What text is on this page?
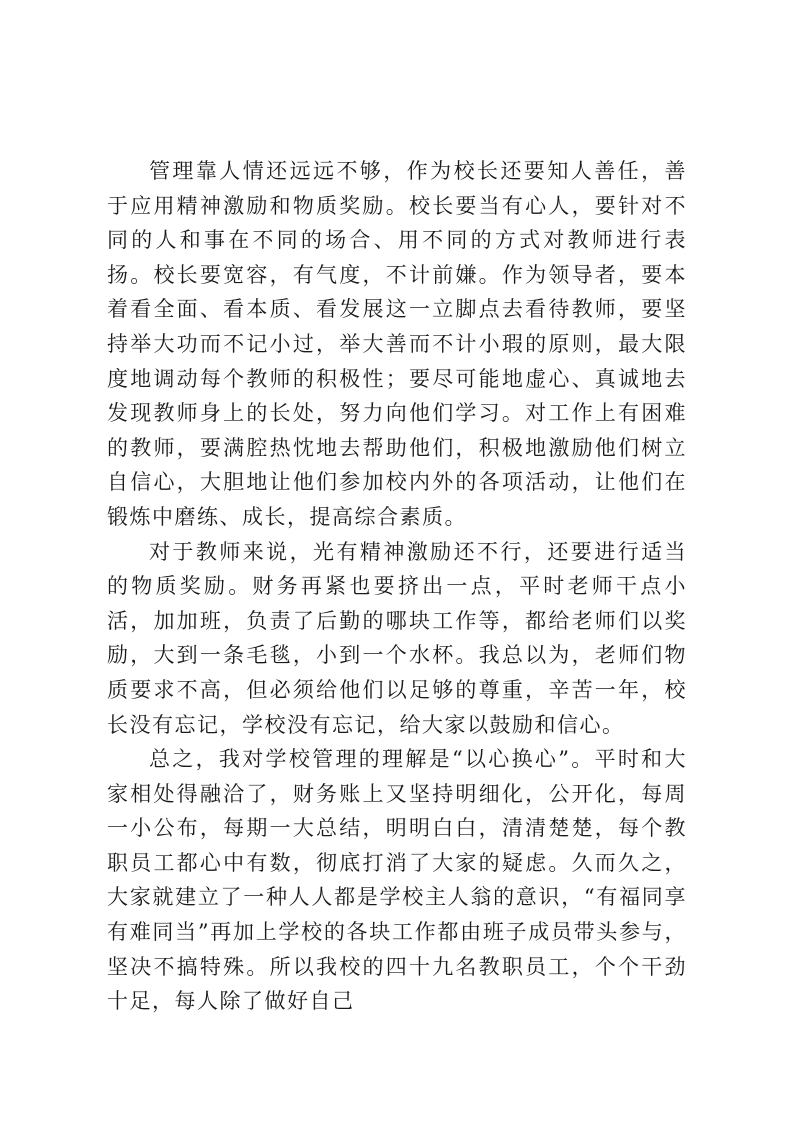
管理靠人情还远远不够，作为校长还要知人善任，善于应用精神激励和物质奖励。校长要当有心人，要针对不同的人和事在不同的场合、用不同的方式对教师进行表扬。校长要宽容，有气度，不计前嫌。作为领导者，要本着看全面、看本质、看发展这一立脚点去看待教师，要坚持举大功而不记小过，举大善而不计小瑕的原则，最大限度地调动每个教师的积极性；要尽可能地虚心、真诚地去发现教师身上的长处，努力向他们学习。对工作上有困难的教师，要满腔热忱地去帮助他们，积极地激励他们树立自信心，大胆地让他们参加校内外的各项活动，让他们在锻炼中磨练、成长，提高综合素质。

对于教师来说，光有精神激励还不行，还要进行适当的物质奖励。财务再紧也要挤出一点，平时老师干点小活，加加班，负责了后勤的哪块工作等，都给老师们以奖励，大到一条毛毯，小到一个水杯。我总以为，老师们物质要求不高，但必须给他们以足够的尊重，辛苦一年，校长没有忘记，学校没有忘记，给大家以鼓励和信心。

总之，我对学校管理的理解是“以心换心”。平时和大家相处得融洽了，财务账上又坚持明细化，公开化，每周一小公布，每期一大总结，明明白白，清清楚楚，每个教职员工都心中有数，彻底打消了大家的疑虑。久而久之，大家就建立了一种人人都是学校主人翁的意识，“有福同享有难同当”再加上学校的各块工作都由班子成员带头参与，坚决不搞特殊。所以我校的四十九名教职员工，个个干劲十足，每人除了做好自己
